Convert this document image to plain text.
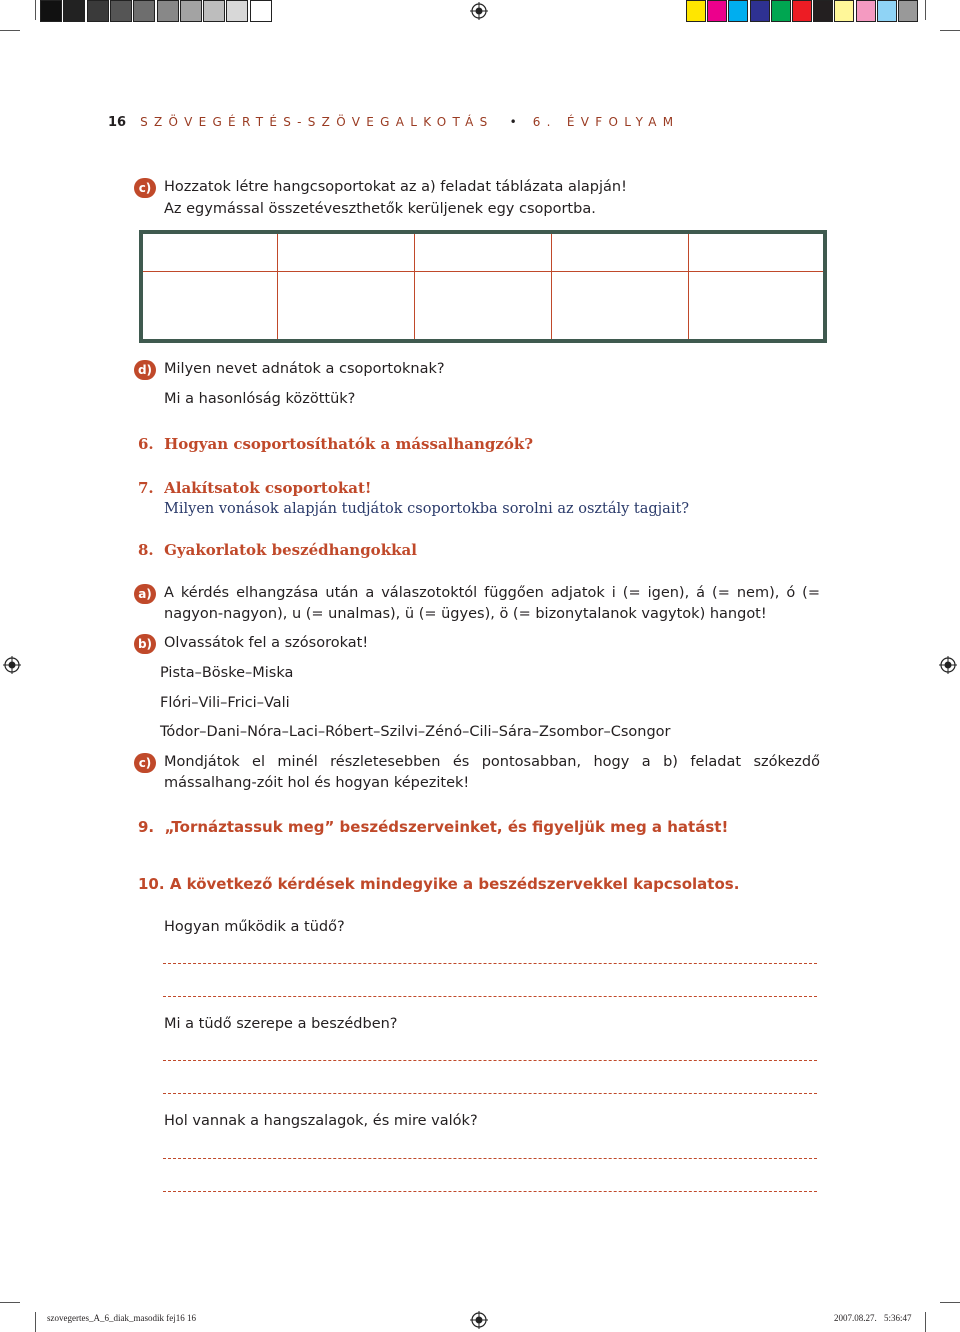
16 SZÖVEGÉRTÉS-SZÖVEGALKOTÁS • 6. ÉVFOLYAM
c) Hozzatok létre hangcsoportokat az a) feladat táblázata alapján!
Az egymással összetéveszthetők kerüljenek egy csoportba.
d) Milyen nevet adnátok a csoportoknak?
Mi a hasonlóság közöttük?
6. Hogyan csoportosíthatók a mássalhangzók?
7. Alakítsatok csoportokat!
Milyen vonások alapján tudjátok csoportokba sorolni az osztály tagjait?
8. Gyakorlatok beszédhangokkal
a) A kérdés elhangzása után a válaszotoktól függően adjatok i (= igen), á (= nem), ó (= nagyon-nagyon), u (= unalmas), ü (= ügyes), ö (= bizonytalanok vagytok) hangot!
b) Olvassátok fel a szósorokat!
Pista–Böske–Miska
Flóri–Vili–Frici–Vali
Tódor–Dani–Nóra–Laci–Róbert–Szilvi–Zénó–Cili–Sára–Zsombor–Csongor
c) Mondjátok el minél részletesebben és pontosabban, hogy a b) feladat szókezdő mássalhang-zóit hol és hogyan képezitek!
9. „Tornáztassuk meg” beszédszerveinket, és figyeljük meg a hatást!
10. A következő kérdések mindegyike a beszédszervekkel kapcsolatos.
Hogyan működik a tüdő?
Mi a tüdő szerepe a beszédben?
Hol vannak a hangszalagok, és mire valók?
szovegertes_A_6_diak_masodik fej16 16	2007.08.27. 5:36:47
